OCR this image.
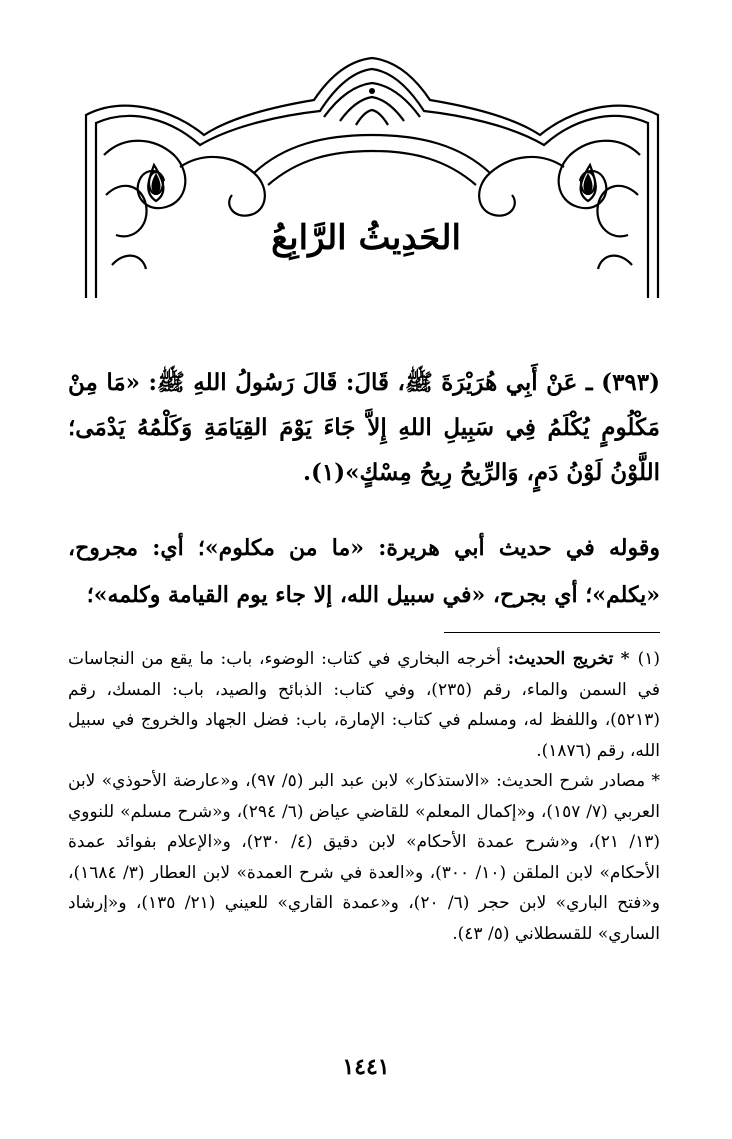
الحَدِيثُ الرَّابِعُ

(٣٩٣) ـ عَنْ أَبِي هُرَيْرَةَ ﷺ، قَالَ: قَالَ رَسُولُ اللهِ ﷺ: «مَا مِنْ مَكْلُومٍ يُكْلَمُ فِي سَبِيلِ اللهِ إِلاَّ جَاءَ يَوْمَ القِيَامَةِ وَكَلْمُهُ يَدْمَى؛ اللَّوْنُ لَوْنُ دَمٍ، وَالرِّيحُ رِيحُ مِسْكٍ»(١).

وقوله في حديث أبي هريرة: «ما من مكلوم»؛ أي: مجروح، «يكلم»؛ أي بجرح، «في سبيل الله، إلا جاء يوم القيامة وكلمه»؛

(١)* تخريج الحديث: أخرجه البخاري في كتاب: الوضوء، باب: ما يقع من النجاسات في السمن والماء، رقم (٢٣٥)، وفي كتاب: الذبائح والصيد، باب: المسك، رقم (٥٢١٣)، واللفظ له، ومسلم في كتاب: الإمارة، باب: فضل الجهاد والخروج في سبيل الله، رقم (١٨٧٦).

* مصادر شرح الحديث: «الاستذكار» لابن عبد البر (٥/ ٩٧)، و«عارضة الأحوذي» لابن العربي (٧/ ١٥٧)، و«إكمال المعلم» للقاضي عياض (٦/ ٢٩٤)، و«شرح مسلم» للنووي (١٣/ ٢١)، و«شرح عمدة الأحكام» لابن دقيق (٤/ ٢٣٠)، و«الإعلام بفوائد عمدة الأحكام» لابن الملقن (١٠/ ٣٠٠)، و«العدة في شرح العمدة» لابن العطار (٣/ ١٦٨٤)، و«فتح الباري» لابن حجر (٦/ ٢٠)، و«عمدة القاري» للعيني (٢١/ ١٣٥)، و«إرشاد الساري» للقسطلاني (٥/ ٤٣).

١٤٤١
